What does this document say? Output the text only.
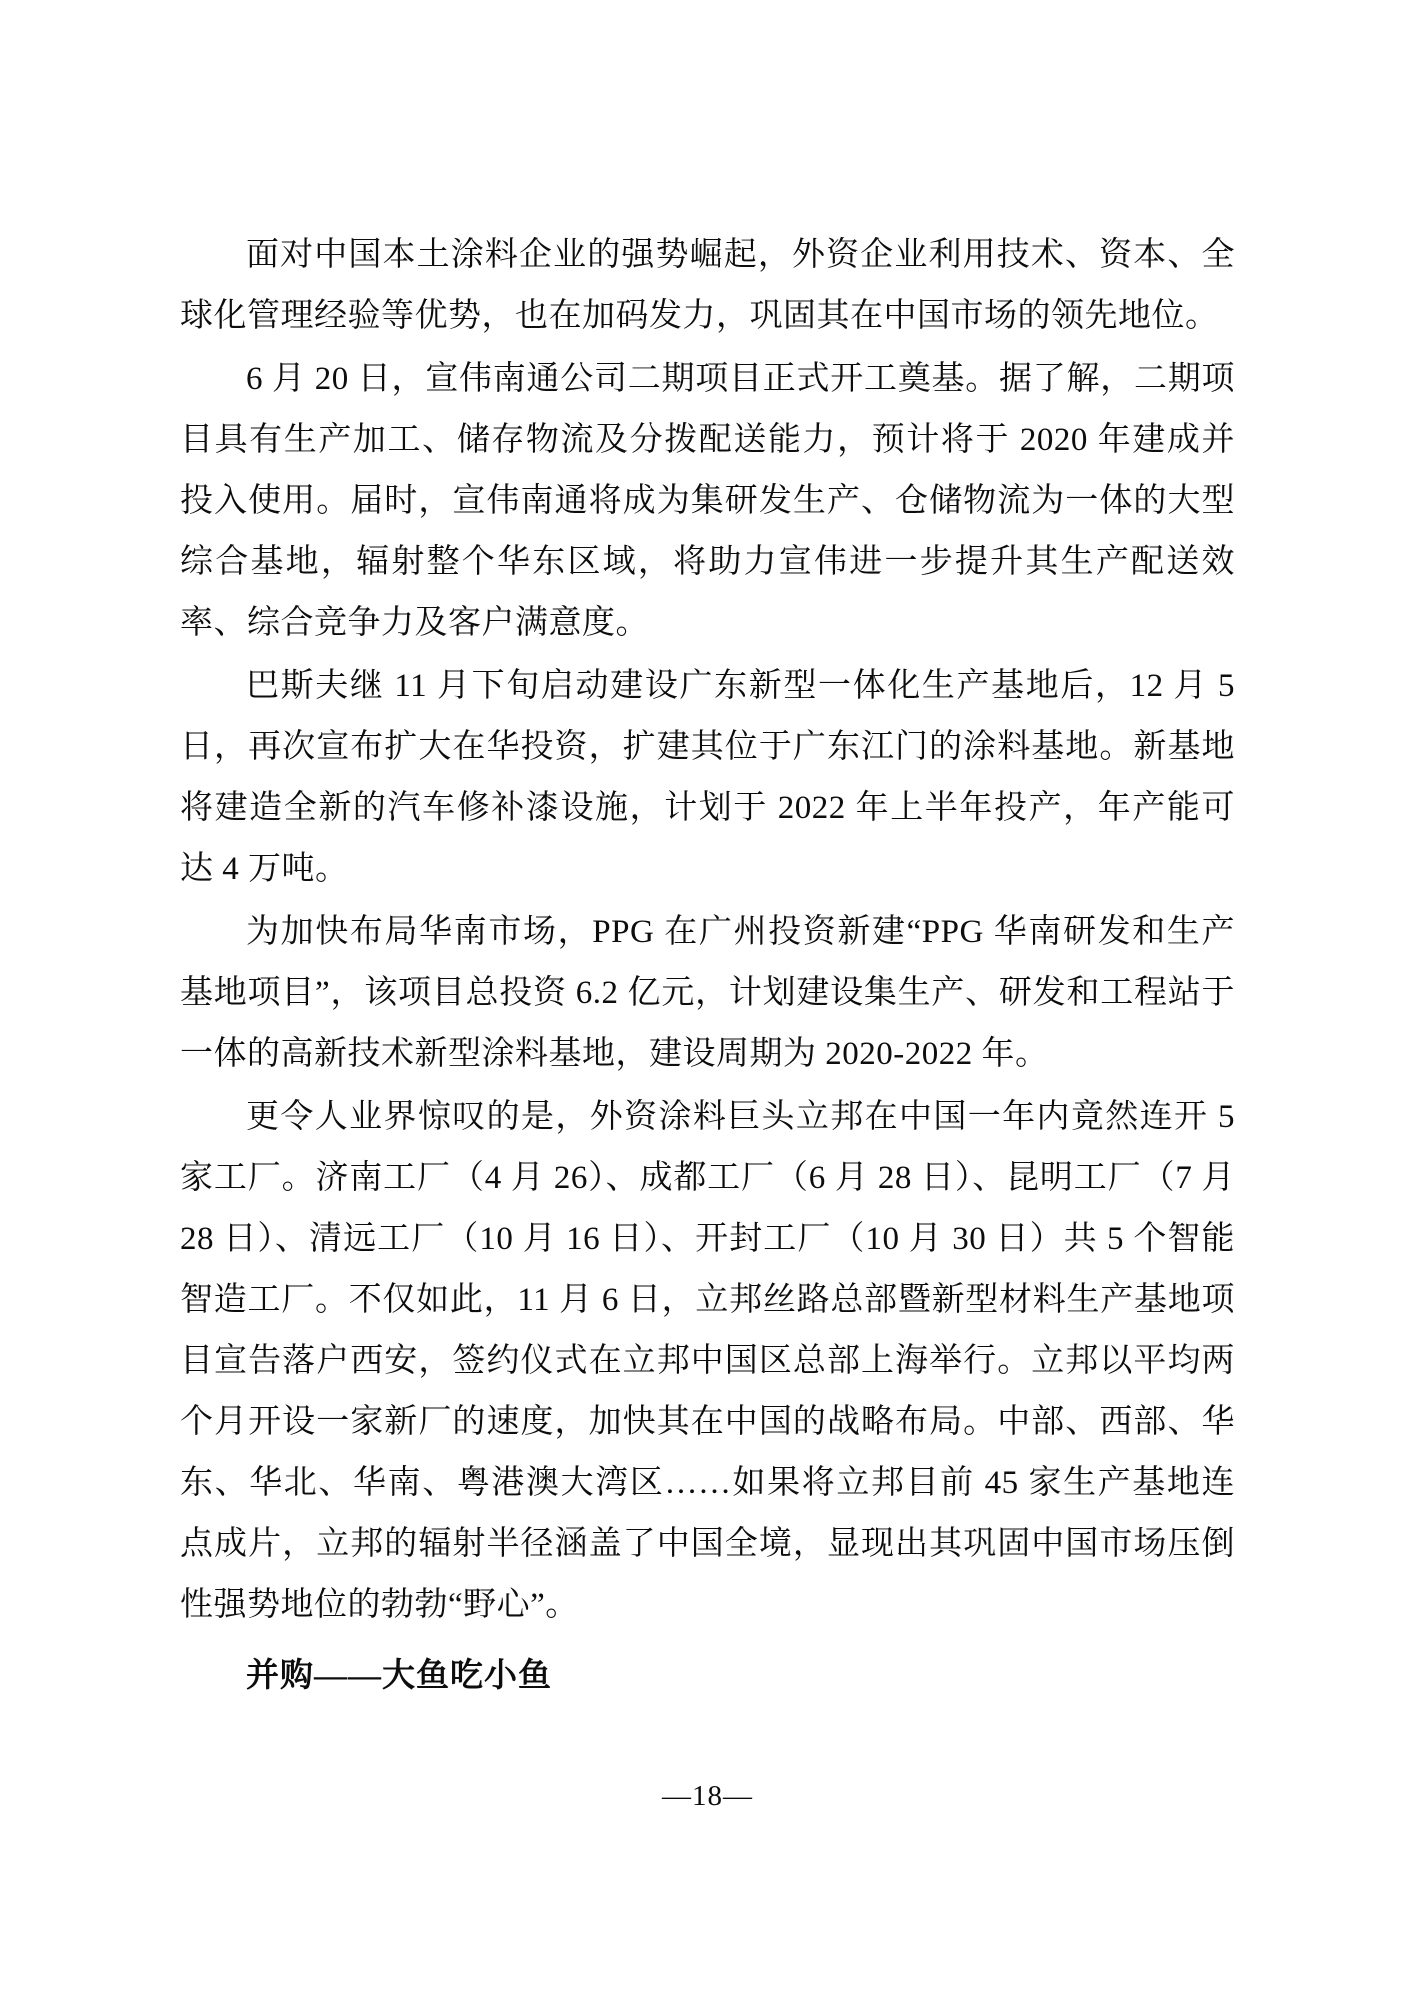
面对中国本土涂料企业的强势崛起，外资企业利用技术、资本、全球化管理经验等优势，也在加码发力，巩固其在中国市场的领先地位。

6 月 20 日，宣伟南通公司二期项目正式开工奠基。据了解，二期项目具有生产加工、储存物流及分拨配送能力，预计将于 2020 年建成并投入使用。届时，宣伟南通将成为集研发生产、仓储物流为一体的大型综合基地，辐射整个华东区域，将助力宣伟进一步提升其生产配送效率、综合竞争力及客户满意度。

巴斯夫继 11 月下旬启动建设广东新型一体化生产基地后，12 月 5 日，再次宣布扩大在华投资，扩建其位于广东江门的涂料基地。新基地将建造全新的汽车修补漆设施，计划于 2022 年上半年投产，年产能可达 4 万吨。

为加快布局华南市场，PPG 在广州投资新建“PPG 华南研发和生产基地项目”，该项目总投资 6.2 亿元，计划建设集生产、研发和工程站于一体的高新技术新型涂料基地，建设周期为 2020-2022 年。

更令人业界惊叹的是，外资涂料巨头立邦在中国一年内竟然连开 5 家工厂。济南工厂（4 月 26）、成都工厂（6 月 28 日）、昆明工厂（7 月 28 日）、清远工厂（10 月 16 日）、开封工厂（10 月 30 日）共 5 个智能智造工厂。不仅如此，11 月 6 日，立邦丝路总部暨新型材料生产基地项目宣告落户西安，签约仪式在立邦中国区总部上海举行。立邦以平均两个月开设一家新厂的速度，加快其在中国的战略布局。中部、西部、华东、华北、华南、粤港澳大湾区……如果将立邦目前 45 家生产基地连点成片，立邦的辐射半径涵盖了中国全境，显现出其巩固中国市场压倒性强势地位的勃勃“野心”。

并购——大鱼吃小鱼

—18—
